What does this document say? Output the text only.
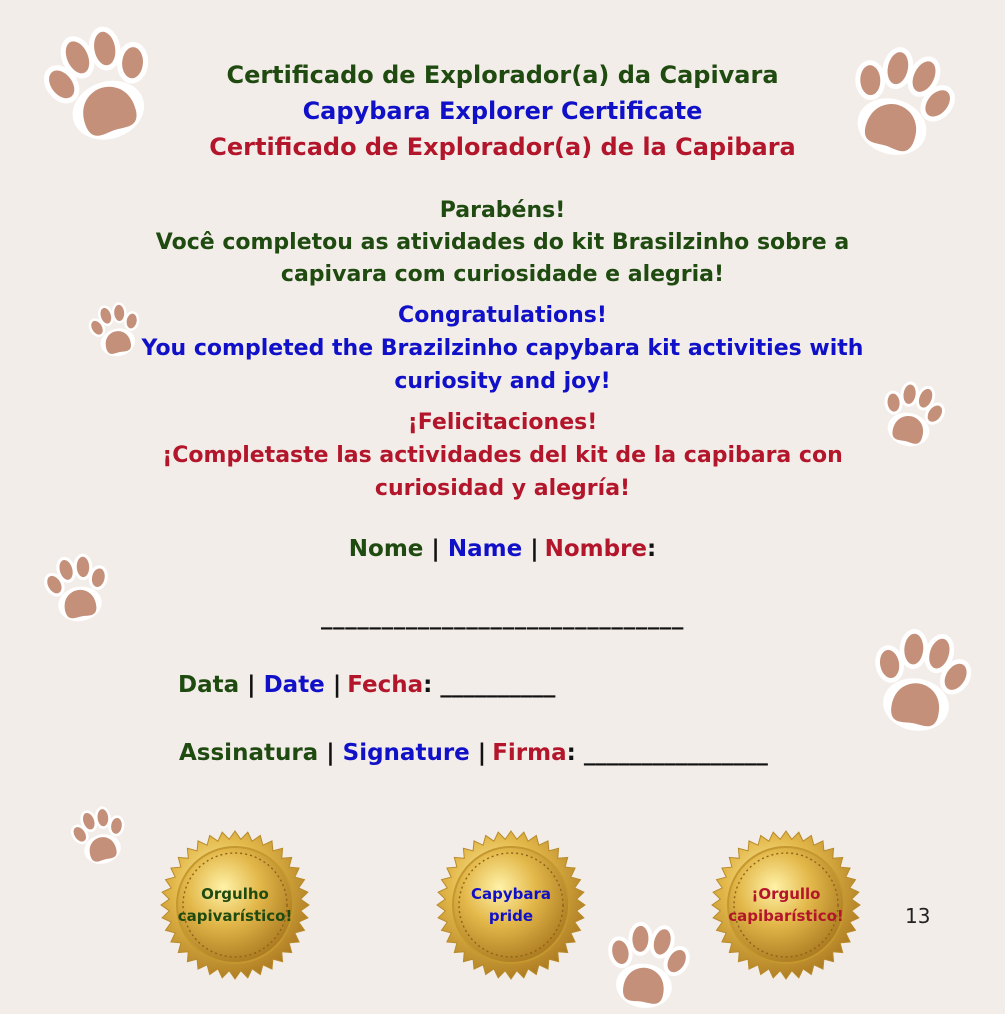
Certificado de Explorador(a) da Capivara
Capybara Explorer Certificate
Certificado de Explorador(a) de la Capibara
Parabéns!
Você completou as atividades do kit Brasilzinho sobre a
capivara com curiosidade e alegria!
Congratulations!
You completed the Brazilzinho capybara kit activities with
curiosity and joy!
¡Felicitaciones!
¡Completaste las actividades del kit de la capibara con
curiosidad y alegría!
Nome | Name | Nombre:
______________________________
Data | Date | Fecha: __________
Assinatura | Signature | Firma: ________________
Orgulho
capivarístico!
Capybara
pride
¡Orgullo
capibarístico!	13
